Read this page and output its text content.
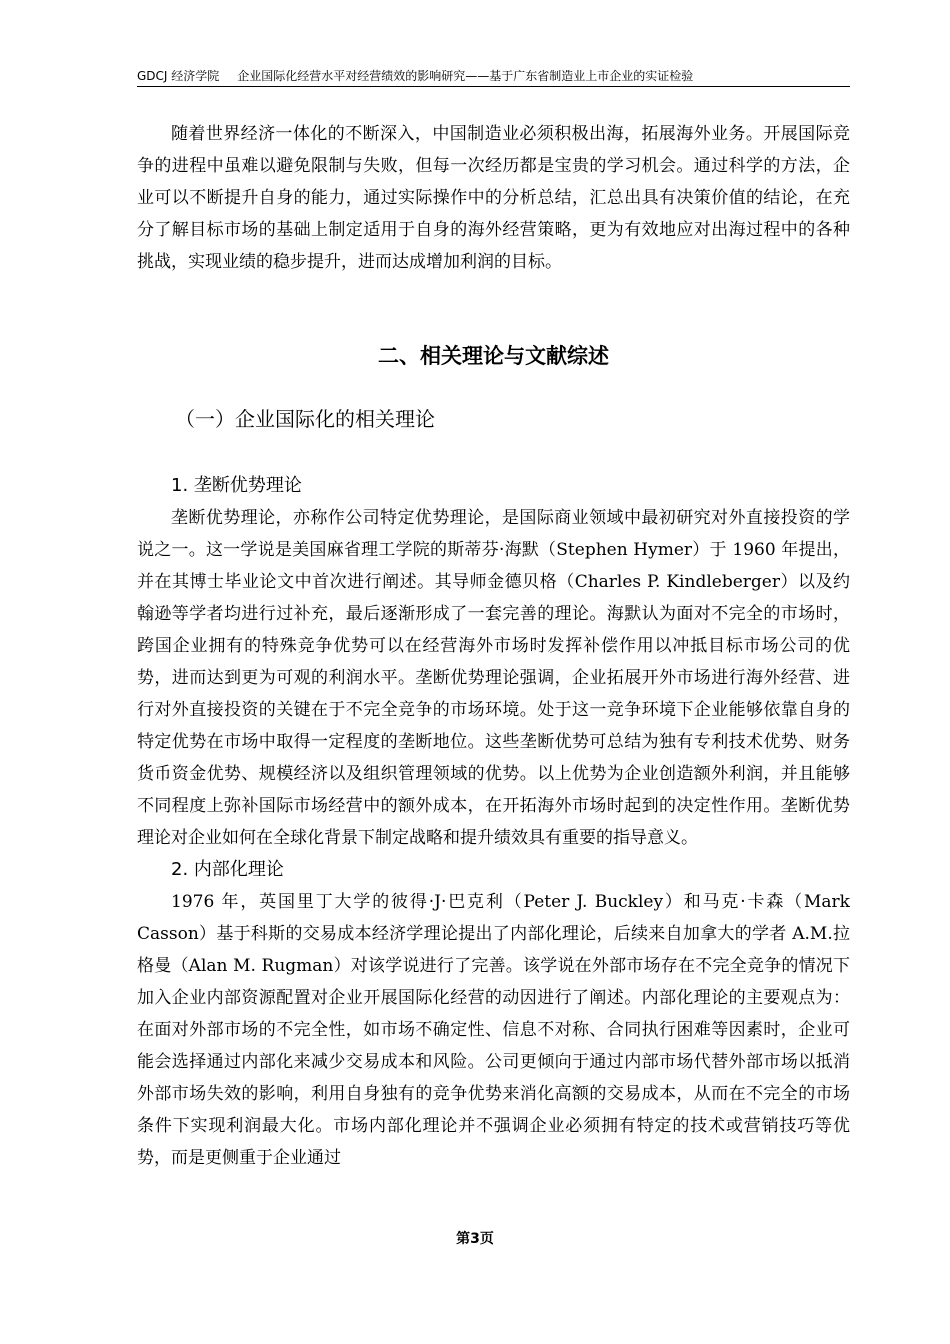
GDCJ 经济学院 企业国际化经营水平对经营绩效的影响研究——基于广东省制造业上市企业的实证检验

随着世界经济一体化的不断深入，中国制造业必须积极出海，拓展海外业务。开展国际竞争的进程中虽难以避免限制与失败，但每一次经历都是宝贵的学习机会。通过科学的方法，企业可以不断提升自身的能力，通过实际操作中的分析总结，汇总出具有决策价值的结论，在充分了解目标市场的基础上制定适用于自身的海外经营策略，更为有效地应对出海过程中的各种挑战，实现业绩的稳步提升，进而达成增加利润的目标。

二、相关理论与文献综述
（一）企业国际化的相关理论
1. 垄断优势理论

垄断优势理论，亦称作公司特定优势理论，是国际商业领域中最初研究对外直接投资的学说之一。这一学说是美国麻省理工学院的斯蒂芬·海默（Stephen Hymer）于 1960 年提出，并在其博士毕业论文中首次进行阐述。其导师金德贝格（Charles P. Kindleberger）以及约翰逊等学者均进行过补充，最后逐渐形成了一套完善的理论。海默认为面对不完全的市场时，跨国企业拥有的特殊竞争优势可以在经营海外市场时发挥补偿作用以冲抵目标市场公司的优势，进而达到更为可观的利润水平。垄断优势理论强调，企业拓展开外市场进行海外经营、进行对外直接投资的关键在于不完全竞争的市场环境。处于这一竞争环境下企业能够依靠自身的特定优势在市场中取得一定程度的垄断地位。这些垄断优势可总结为独有专利技术优势、财务货币资金优势、规模经济以及组织管理领域的优势。以上优势为企业创造额外利润，并且能够不同程度上弥补国际市场经营中的额外成本，在开拓海外市场时起到的决定性作用。垄断优势理论对企业如何在全球化背景下制定战略和提升绩效具有重要的指导意义。

2. 内部化理论

1976 年，英国里丁大学的彼得·J·巴克利（Peter J. Buckley）和马克·卡森（Mark Casson）基于科斯的交易成本经济学理论提出了内部化理论，后续来自加拿大的学者 A.M.拉格曼（Alan M. Rugman）对该学说进行了完善。该学说在外部市场存在不完全竞争的情况下加入企业内部资源配置对企业开展国际化经营的动因进行了阐述。内部化理论的主要观点为：在面对外部市场的不完全性，如市场不确定性、信息不对称、合同执行困难等因素时，企业可能会选择通过内部化来减少交易成本和风险。公司更倾向于通过内部市场代替外部市场以抵消外部市场失效的影响，利用自身独有的竞争优势来消化高额的交易成本，从而在不完全的市场条件下实现利润最大化。市场内部化理论并不强调企业必须拥有特定的技术或营销技巧等优势，而是更侧重于企业通过

第3页
